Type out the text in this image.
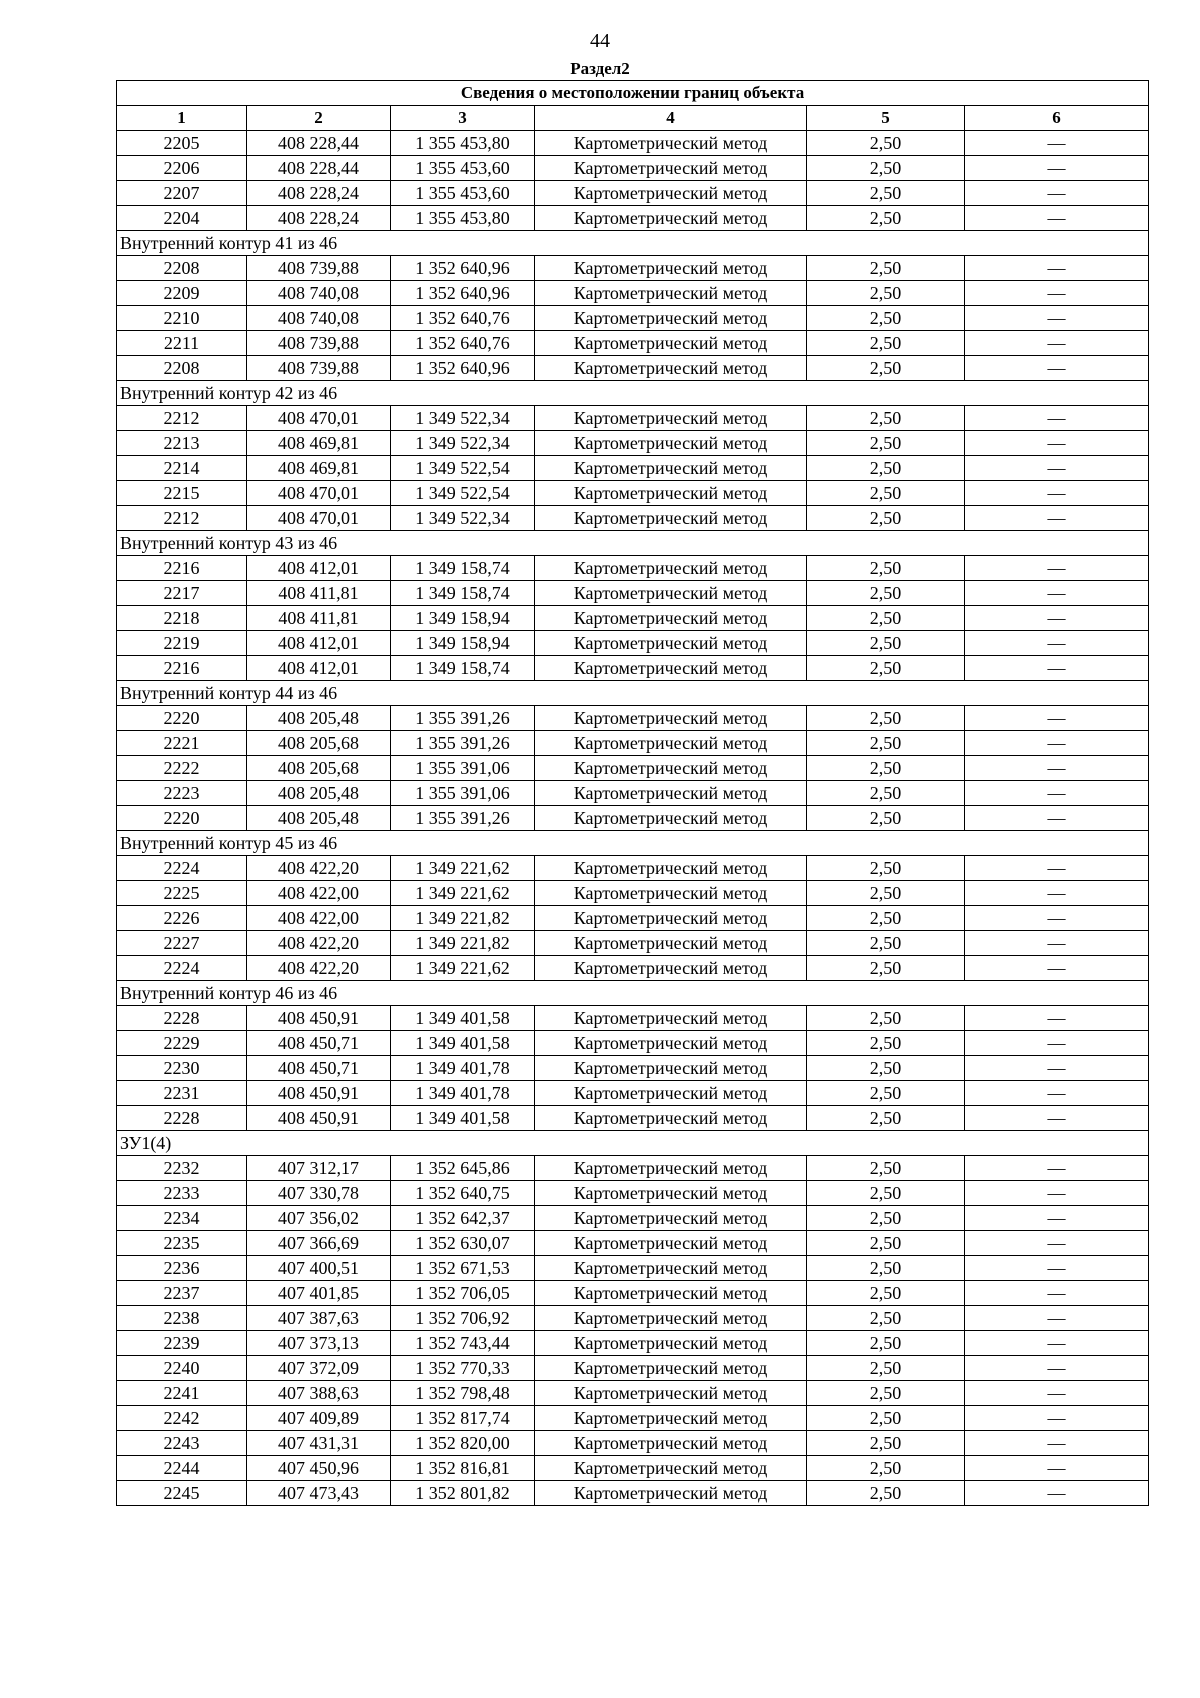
44
Раздел2
Сведения о местоположении границ объекта					
1	2	3	4	5	6
2205	408 228,44	1 355 453,80	Картометрический метод	2,50	—
2206	408 228,44	1 355 453,60	Картометрический метод	2,50	—
2207	408 228,24	1 355 453,60	Картометрический метод	2,50	—
2204	408 228,24	1 355 453,80	Картометрический метод	2,50	—
Внутренний контур 41 из 46					
2208	408 739,88	1 352 640,96	Картометрический метод	2,50	—
2209	408 740,08	1 352 640,96	Картометрический метод	2,50	—
2210	408 740,08	1 352 640,76	Картометрический метод	2,50	—
2211	408 739,88	1 352 640,76	Картометрический метод	2,50	—
2208	408 739,88	1 352 640,96	Картометрический метод	2,50	—
Внутренний контур 42 из 46					
2212	408 470,01	1 349 522,34	Картометрический метод	2,50	—
2213	408 469,81	1 349 522,34	Картометрический метод	2,50	—
2214	408 469,81	1 349 522,54	Картометрический метод	2,50	—
2215	408 470,01	1 349 522,54	Картометрический метод	2,50	—
2212	408 470,01	1 349 522,34	Картометрический метод	2,50	—
Внутренний контур 43 из 46					
2216	408 412,01	1 349 158,74	Картометрический метод	2,50	—
2217	408 411,81	1 349 158,74	Картометрический метод	2,50	—
2218	408 411,81	1 349 158,94	Картометрический метод	2,50	—
2219	408 412,01	1 349 158,94	Картометрический метод	2,50	—
2216	408 412,01	1 349 158,74	Картометрический метод	2,50	—
Внутренний контур 44 из 46					
2220	408 205,48	1 355 391,26	Картометрический метод	2,50	—
2221	408 205,68	1 355 391,26	Картометрический метод	2,50	—
2222	408 205,68	1 355 391,06	Картометрический метод	2,50	—
2223	408 205,48	1 355 391,06	Картометрический метод	2,50	—
2220	408 205,48	1 355 391,26	Картометрический метод	2,50	—
Внутренний контур 45 из 46					
2224	408 422,20	1 349 221,62	Картометрический метод	2,50	—
2225	408 422,00	1 349 221,62	Картометрический метод	2,50	—
2226	408 422,00	1 349 221,82	Картометрический метод	2,50	—
2227	408 422,20	1 349 221,82	Картометрический метод	2,50	—
2224	408 422,20	1 349 221,62	Картометрический метод	2,50	—
Внутренний контур 46 из 46					
2228	408 450,91	1 349 401,58	Картометрический метод	2,50	—
2229	408 450,71	1 349 401,58	Картометрический метод	2,50	—
2230	408 450,71	1 349 401,78	Картометрический метод	2,50	—
2231	408 450,91	1 349 401,78	Картометрический метод	2,50	—
2228	408 450,91	1 349 401,58	Картометрический метод	2,50	—
ЗУ1(4)					
2232	407 312,17	1 352 645,86	Картометрический метод	2,50	—
2233	407 330,78	1 352 640,75	Картометрический метод	2,50	—
2234	407 356,02	1 352 642,37	Картометрический метод	2,50	—
2235	407 366,69	1 352 630,07	Картометрический метод	2,50	—
2236	407 400,51	1 352 671,53	Картометрический метод	2,50	—
2237	407 401,85	1 352 706,05	Картометрический метод	2,50	—
2238	407 387,63	1 352 706,92	Картометрический метод	2,50	—
2239	407 373,13	1 352 743,44	Картометрический метод	2,50	—
2240	407 372,09	1 352 770,33	Картометрический метод	2,50	—
2241	407 388,63	1 352 798,48	Картометрический метод	2,50	—
2242	407 409,89	1 352 817,74	Картометрический метод	2,50	—
2243	407 431,31	1 352 820,00	Картометрический метод	2,50	—
2244	407 450,96	1 352 816,81	Картометрический метод	2,50	—
2245	407 473,43	1 352 801,82	Картометрический метод	2,50	—
